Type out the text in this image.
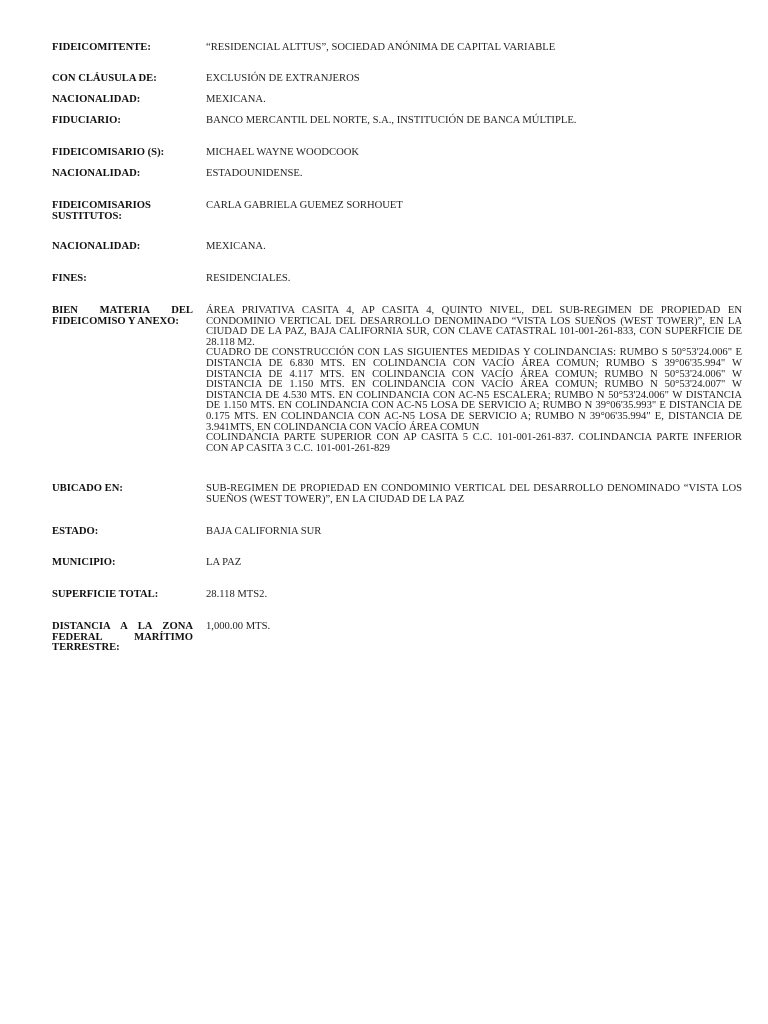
FIDEICOMITENTE:	“RESIDENCIAL ALTTUS”, SOCIEDAD ANÓNIMA DE CAPITAL VARIABLE
CON CLÁUSULA DE:	EXCLUSIÓN DE EXTRANJEROS
NACIONALIDAD:	MEXICANA.
FIDUCIARIO:	BANCO MERCANTIL DEL NORTE, S.A., INSTITUCIÓN DE BANCA MÚLTIPLE.
FIDEICOMISARIO (S):	MICHAEL WAYNE WOODCOOK
NACIONALIDAD:	ESTADOUNIDENSE.
FIDEICOMISARIOS SUSTITUTOS:
CARLA GABRIELA GUEMEZ SORHOUET
NACIONALIDAD:	MEXICANA.
FINES:	RESIDENCIALES.
BIEN MATERIA DEL FIDEICOMISO Y ANEXO:
ÁREA PRIVATIVA CASITA 4, AP CASITA 4, QUINTO NIVEL, DEL SUB-REGIMEN DE PROPIEDAD EN CONDOMINIO VERTICAL DEL DESARROLLO DENOMINADO “VISTA LOS SUEÑOS (WEST TOWER)”, EN LA CIUDAD DE LA PAZ, BAJA CALIFORNIA SUR, CON CLAVE CATASTRAL 101-001-261-833, CON SUPERFICIE DE 28.118 M2.
CUADRO DE CONSTRUCCIÓN CON LAS SIGUIENTES MEDIDAS Y COLINDANCIAS: RUMBO S 50°53'24.006" E DISTANCIA DE 6.830 MTS. EN COLINDANCIA CON VACÍO ÁREA COMUN; RUMBO S 39°06'35.994" W DISTANCIA DE 4.117 MTS. EN COLINDANCIA CON VACÍO ÁREA COMUN; RUMBO N 50°53'24.006" W DISTANCIA DE 1.150 MTS. EN COLINDANCIA CON VACÍO ÁREA COMUN; RUMBO N 50°53'24.007" W DISTANCIA DE 4.530 MTS. EN COLINDANCIA CON AC-N5 ESCALERA; RUMBO N 50°53'24.006" W DISTANCIA DE 1.150 MTS. EN COLINDANCIA CON AC-N5 LOSA DE SERVICIO A; RUMBO N 39°06'35.993" E DISTANCIA DE 0.175 MTS. EN COLINDANCIA CON AC-N5 LOSA DE SERVICIO A; RUMBO N 39°06'35.994" E, DISTANCIA DE 3.941MTS, EN COLINDANCIA CON VACÍO ÁREA COMUN
COLINDANCIA PARTE SUPERIOR CON AP CASITA 5 C.C. 101-001-261-837. COLINDANCIA PARTE INFERIOR CON AP CASITA 3 C.C. 101-001-261-829
UBICADO EN:	SUB-REGIMEN DE PROPIEDAD EN CONDOMINIO VERTICAL DEL DESARROLLO DENOMINADO “VISTA LOS SUEÑOS (WEST TOWER)”, EN LA CIUDAD DE LA PAZ
ESTADO:	BAJA CALIFORNIA SUR
MUNICIPIO:	LA PAZ
SUPERFICIE TOTAL:	28.118 MTS2.
DISTANCIA A LA ZONA FEDERAL MARÍTIMO TERRESTRE:
1,000.00 MTS.
